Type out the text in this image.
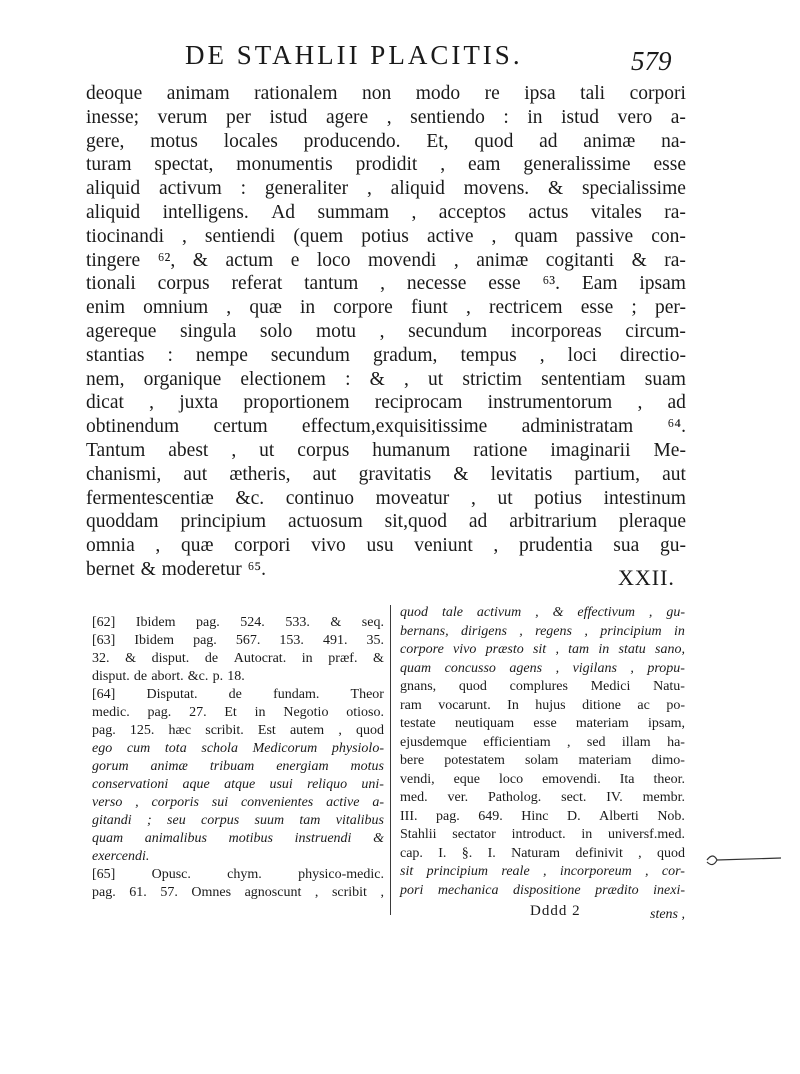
DE STAHLII PLACITIS.	579
deoque animam rationalem non modo re ipsa tali corpori
inesse; verum per istud agere , sentiendo : in istud vero a-
gere, motus locales producendo. Et, quod ad animæ na-
turam spectat, monumentis prodidit , eam generalissime esse
aliquid activum : generaliter , aliquid movens. & specialissime
aliquid intelligens. Ad summam , acceptos actus vitales ra-
tiocinandi , sentiendi (quem potius active , quam passive con-
tingere ⁶², & actum e loco movendi , animæ cogitanti & ra-
tionali corpus referat tantum , necesse esse ⁶³. Eam ipsam
enim omnium , quæ in corpore fiunt , rectricem esse ; per-
agereque singula solo motu , secundum incorporeas circum-
stantias : nempe secundum gradum, tempus , loci directio-
nem, organique electionem : & , ut strictim sententiam suam
dicat , juxta proportionem reciprocam instrumentorum , ad
obtinendum certum effectum,exquisitissime administratam ⁶⁴.
Tantum abest , ut corpus humanum ratione imaginarii Me-
chanismi, aut ætheris, aut gravitatis & levitatis partium, aut
fermentescentiæ &c. continuo moveatur , ut potius intestinum
quoddam principium actuosum sit,quod ad arbitrarium pleraque
omnia , quæ corpori vivo usu veniunt , prudentia sua gu-
bernet & moderetur ⁶⁵.	XXII.
[62] Ibidem pag. 524. 533. & seq.
[63] Ibidem pag. 567. 153. 491. 35.
32. & disput. de Autocrat. in præf. &
disput. de abort. &c. p. 18.
[64] Disputat. de fundam. Theor
medic. pag. 27. Et in Negotio otioso.
pag. 125. hæc scribit. Est autem , quod
ego cum tota schola Medicorum physiolo-
gorum animæ tribuam energiam motus
conservationi aque atque usui reliquo uni-
verso , corporis sui convenientes active a-
gitandi ; seu corpus suum tam vitalibus
quam animalibus motibus instruendi &
exercendi.
[65]	Opusc.	chym.	physico-medic.
pag. 61. 57. Omnes agnoscunt , scribit ,
quod tale activum , & effectivum , gu-
bernans, dirigens , regens , principium in
corpore vivo præsto sit , tam in statu sano,
quam concusso agens , vigilans , propu-
gnans, quod complures Medici Natu-
ram vocarunt. In hujus ditione ac po-
testate neutiquam esse materiam ipsam,
ejusdemque efficientiam , sed illam ha-
bere potestatem solam materiam dimo-
vendi, eque loco emovendi. Ita theor.
med. ver. Patholog. sect. IV. membr.
III. pag. 649. Hinc D. Alberti Nob.
Stahlii sectator introduct. in universf.med.
cap. I. §. I. Naturam definivit , quod
sit principium reale , incorporeum , cor-
pori mechanica dispositione prædito inexi-
Dddd 2	stens ,
